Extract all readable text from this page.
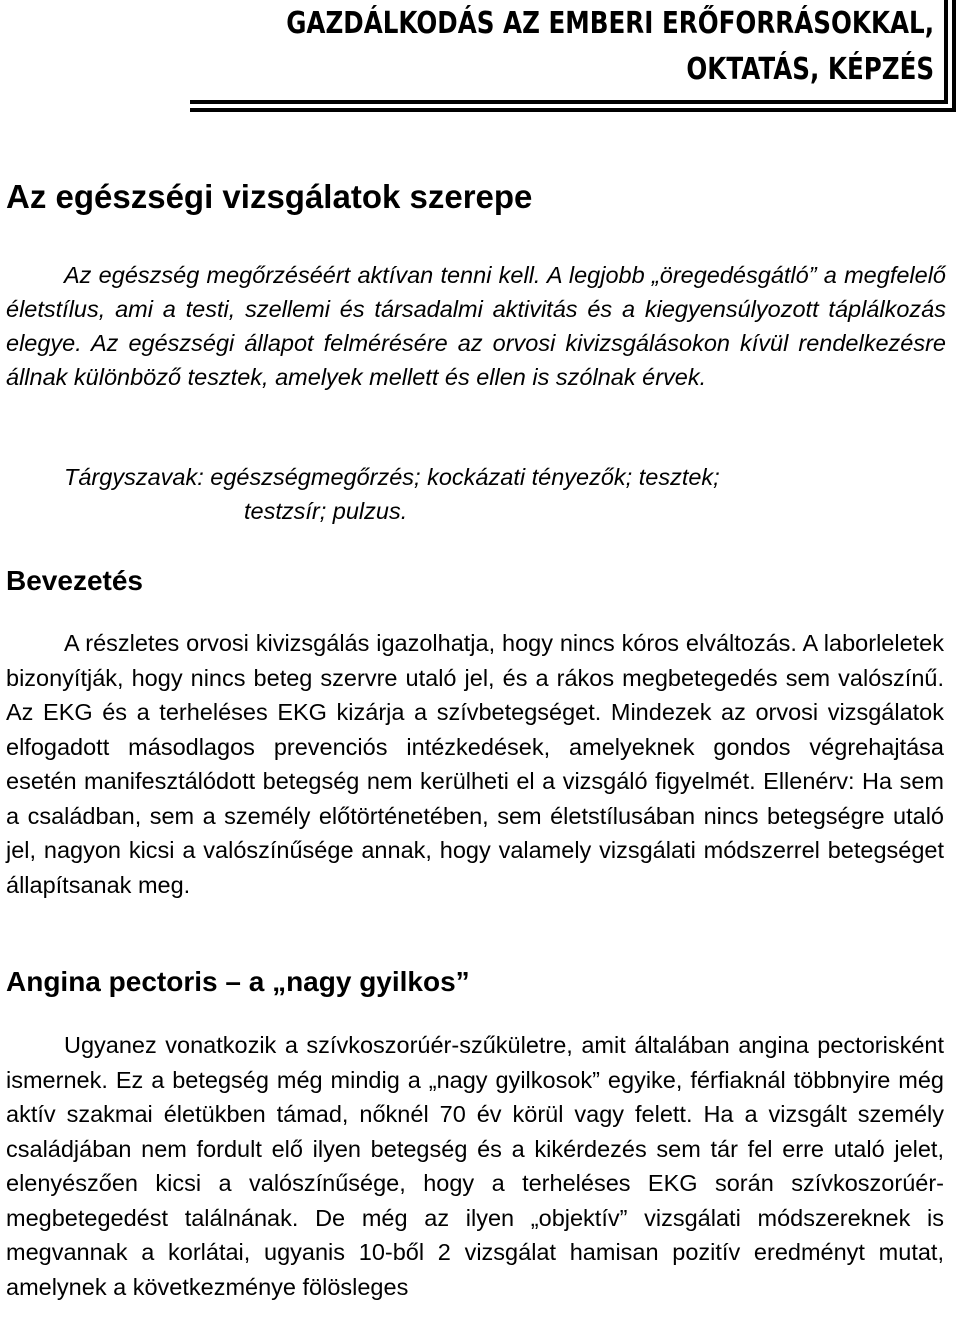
GAZDÁLKODÁS AZ EMBERI ERŐFORRÁSOKKAL,
OKTATÁS, KÉPZÉS
Az egészségi vizsgálatok szerepe

Az egészség megőrzéséért aktívan tenni kell. A legjobb „öregedésgátló” a megfelelő életstílus, ami a testi, szellemi és társadalmi aktivitás és a kiegyensúlyozott táplálkozás elegye. Az egészségi állapot felmérésére az orvosi kivizsgálásokon kívül rendelkezésre állnak különböző tesztek, amelyek mellett és ellen is szólnak érvek.

Tárgyszavak: egészségmegőrzés; kockázati tényezők; tesztek;
testzsír; pulzus.
Bevezetés

A részletes orvosi kivizsgálás igazolhatja, hogy nincs kóros elváltozás. A laborleletek bizonyítják, hogy nincs beteg szervre utaló jel, és a rákos megbetegedés sem valószínű. Az EKG és a terheléses EKG kizárja a szívbetegséget. Mindezek az orvosi vizsgálatok elfogadott másodlagos prevenciós intézkedések, amelyeknek gondos végrehajtása esetén manifesztálódott betegség nem kerülheti el a vizsgáló figyelmét. Ellenérv: Ha sem a családban, sem a személy előtörténetében, sem életstílusában nincs betegségre utaló jel, nagyon kicsi a valószínűsége annak, hogy valamely vizsgálati módszerrel betegséget állapítsanak meg.

Angina pectoris – a „nagy gyilkos”

Ugyanez vonatkozik a szívkoszorúér-szűkületre, amit általában angina pectorisként ismernek. Ez a betegség még mindig a „nagy gyilkosok” egyike, férfiaknál többnyire még aktív szakmai életükben támad, nőknél 70 év körül vagy felett. Ha a vizsgált személy családjában nem fordult elő ilyen betegség és a kikérdezés sem tár fel erre utaló jelet, elenyészően kicsi a valószínűsége, hogy a terheléses EKG során szívkoszorúér-megbetegedést találnának. De még az ilyen „objektív” vizsgálati módszereknek is megvannak a korlátai, ugyanis 10-ből 2 vizsgálat hamisan pozitív eredményt mutat, amelynek a következménye fölösleges
